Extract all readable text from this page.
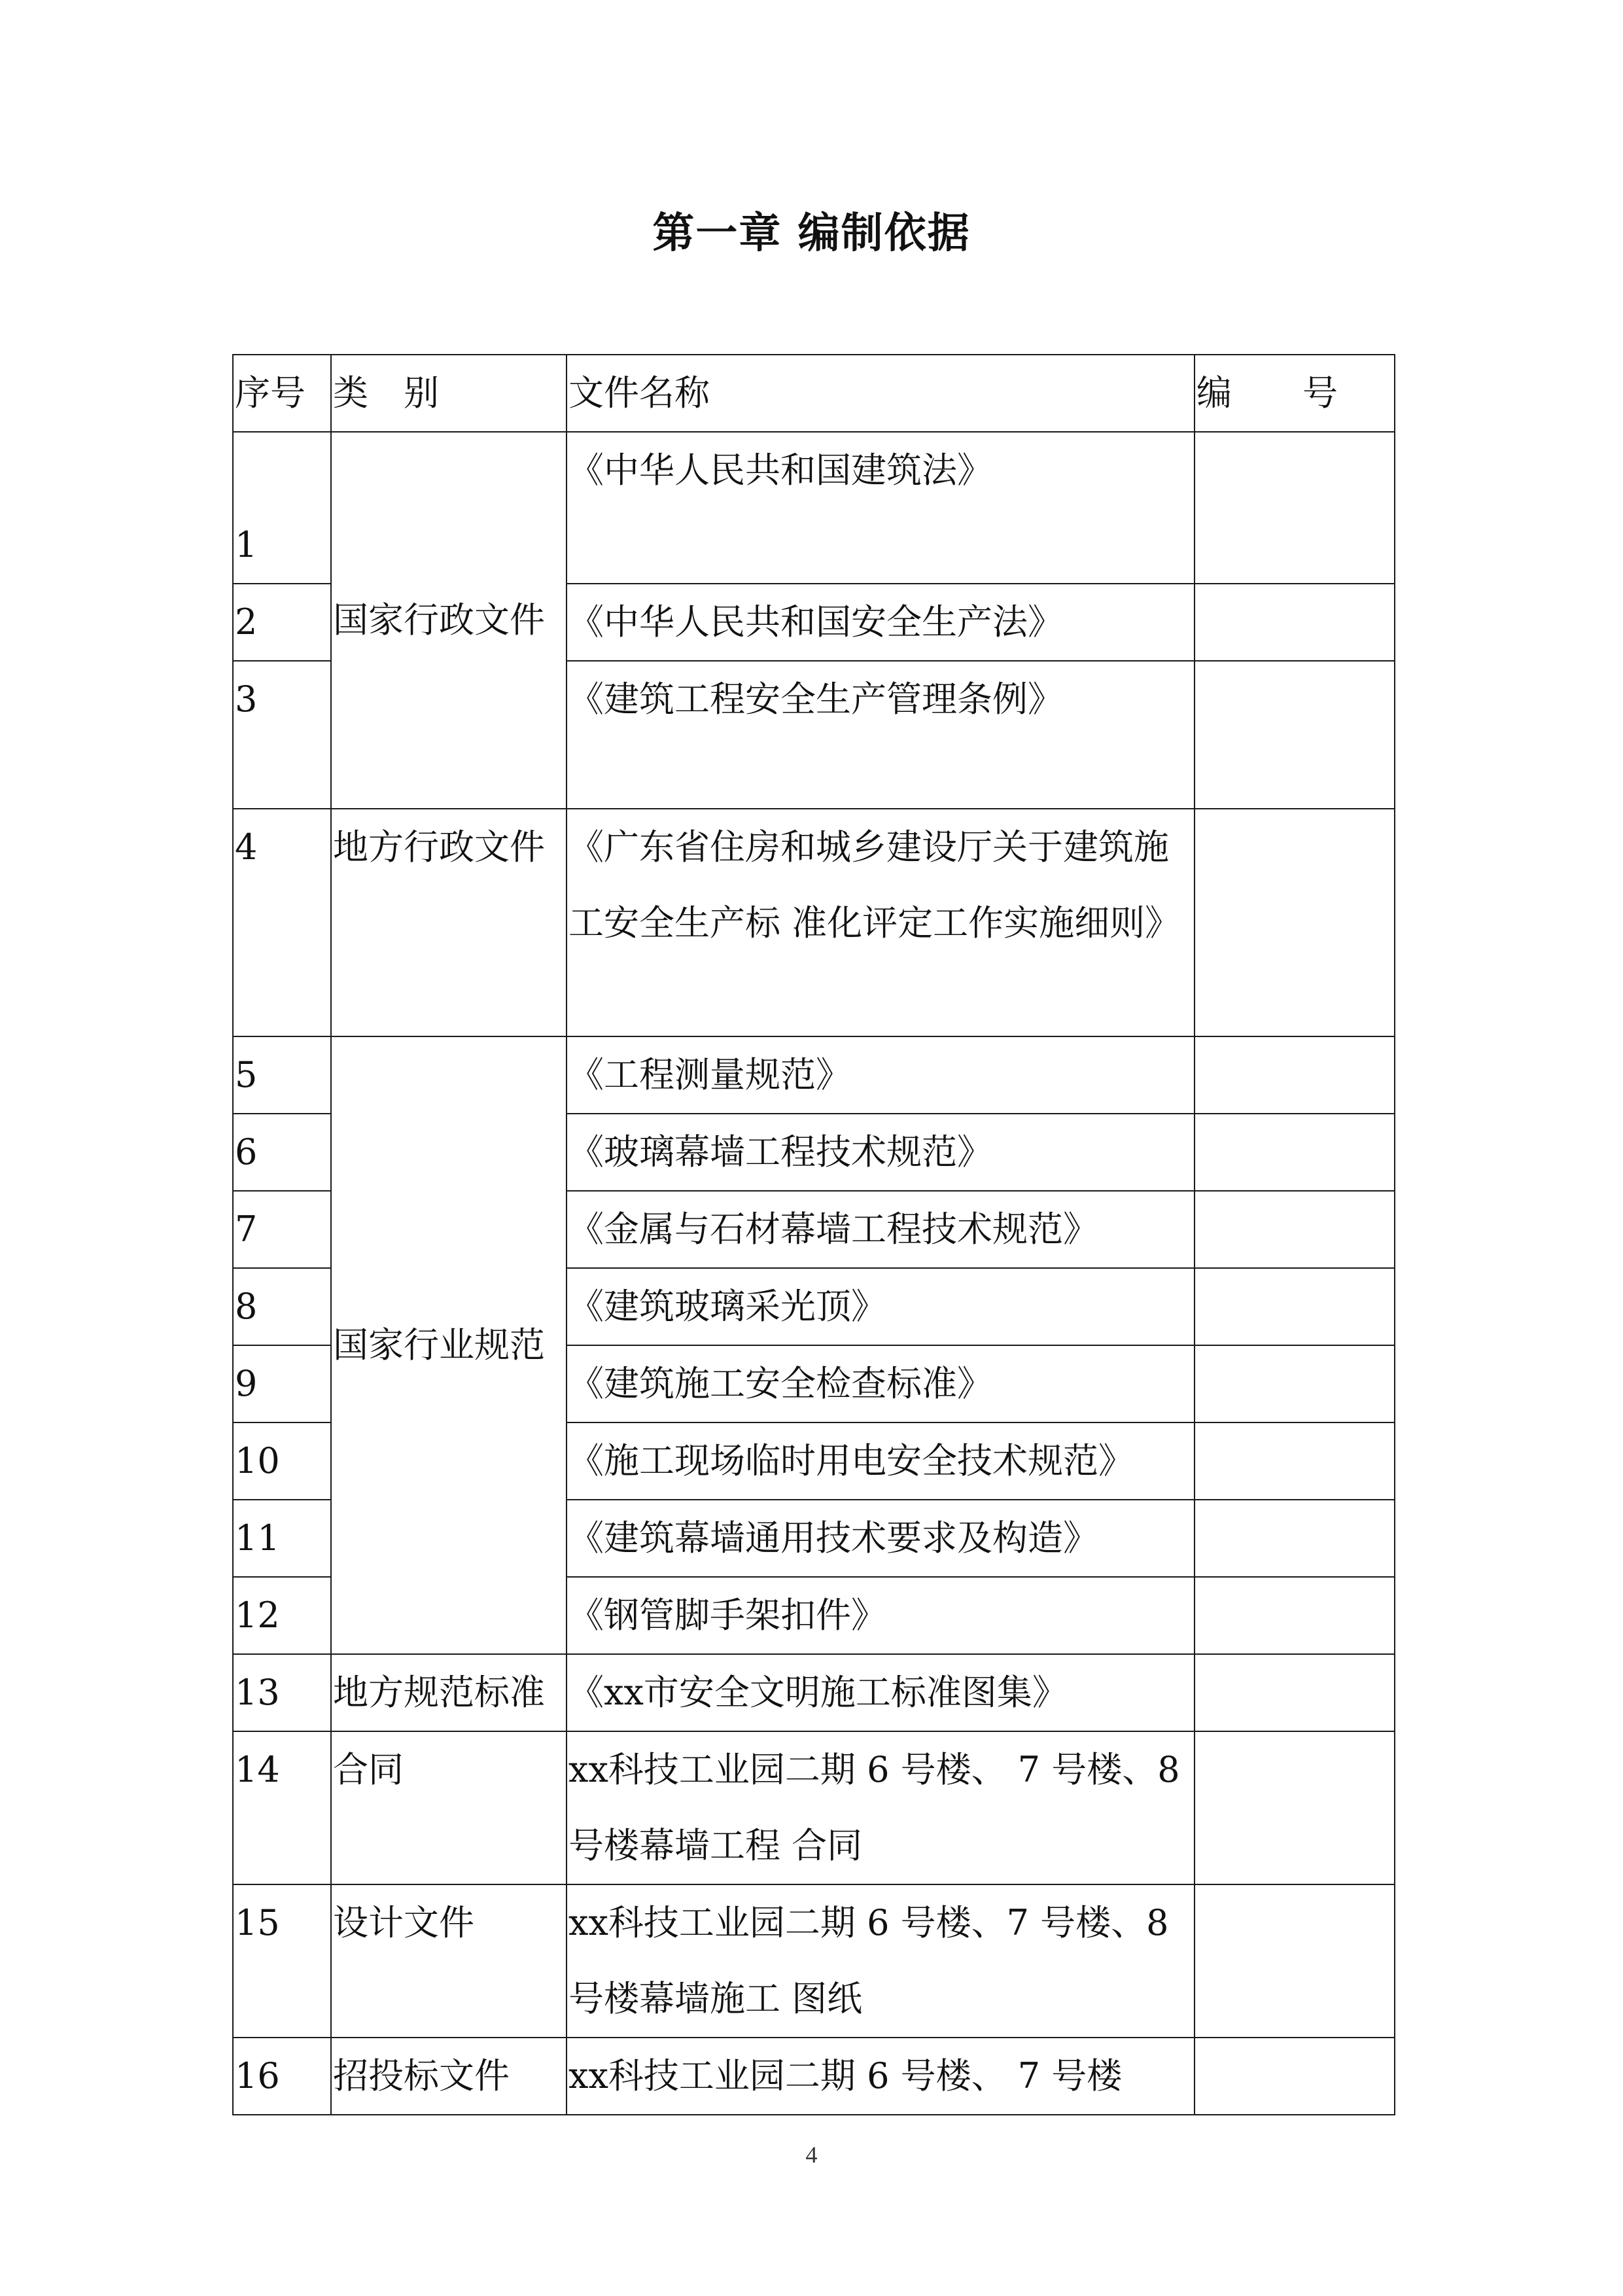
第一章 编制依据
序号	类　别	文件名称	编　　号
1	国家行政文件	《中华人民共和国建筑法》	
2		《中华人民共和国安全生产法》	
3		《建筑工程安全生产管理条例》	
4	地方行政文件	《广东省住房和城乡建设厅关于建筑施工安全生产标 准化评定工作实施细则》	
5	国家行业规范	《工程测量规范》	
6		《玻璃幕墙工程技术规范》	
7		《金属与石材幕墙工程技术规范》	
8		《建筑玻璃采光顶》	
9		《建筑施工安全检查标准》	
10		《施工现场临时用电安全技术规范》	
11		《建筑幕墙通用技术要求及构造》	
12		《钢管脚手架扣件》	
13	地方规范标准	《xx市安全文明施工标准图集》	
14	合同	xx科技工业园二期 6 号楼、 7 号楼、8 号楼幕墙工程 合同	
15	设计文件	xx科技工业园二期 6 号楼、7 号楼、8 号楼幕墙施工 图纸	
16	招投标文件	xx科技工业园二期 6 号楼、 7 号楼	
4
